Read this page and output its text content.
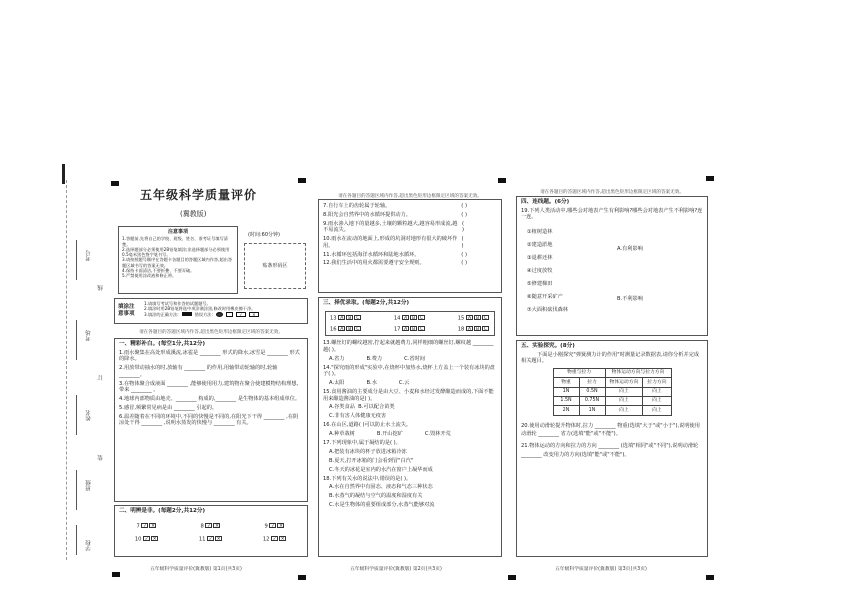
考号
线
考场
订
姓名
装
班级
学校
五年级科学质量评价
(冀教版)
注意事项
1.答题前,先将自己的学校、班级、姓名、准考证号填写清楚。
2.选择题部分必须使用2B铅笔填涂;非选择题部分必须使用0.5毫米黑色签字笔书写。
3.请按照题号顺序在答题卡各题目的答题区域内作答,超出答题区域书写的答案无效。
4.保持卡面清洁,不要折叠、不要弄破。
5.严禁使用涂改液和修正带。
(时间:60分钟)
贴条形码区
填涂注意事项
1.请填写考试号和作答的试题题号。
2.填涂时用2B铅笔将选中项涂满涂黑,修改时用橡皮擦干净。
3.填涂的正确方法:	错误方法:	✓	✕
请在各题目的答题区域内作答,超出黑色矩形边框限定区域的答案无效。
一、精彩补白。(每空1分,共12分)
1.雨水聚集在高处形成溪流,冰雹是 ________ 形式的降水,冰雪是 ________ 形式的降水。
2.用放带动抽水的时,放轴有 ________ 的作用,用轴带动轮轴的时,轮轴 ________。
3.在物体聚合成液面 ________ ,能够使用用力,建筑物在聚合使建模物结构理想,带来 ________ 。
4.地球内部物质由地壳、________ 构成的,________ 是生物体的基本组成单位。
5.感冒,频繁常见病是由 ________ 引起的。
6.温差随着在不同的环境中,不同的快慢是不同的,在阳光下干得 ________ ,在阴凉处干得 ________ ,说明水蒸发的快慢与 ________ 有关。
二、明辨是非。(每题2分,共12分)
7 ✓ ✕	8 ✓ ✕	9 ✓ ✕
10 ✓ ✕	11 ✓ ✕	12 ✓ ✕
请在各题目的答题区域内作答,超出黑色矩形边框限定区域的答案无效。
7.自行车上的齿轮属于轮轴。	( )
8.阳光会自然界中的水循环提供动力。	( )
9.雨水渗入地下的量越多,土壤的颗粒越大,越容易形成流,越不易流失。
( )
10.雨水在流动的地面上,形成的坑洞对地形有很大的破坏作用。
( )
11.水循环包括海洋水循环和陆地水循环。	( )
12.我们生活中的用火都需要遵守安全规则。	( )
三、择优录取。(每题2分,共12分)
13 A B C	14 A B C	15 A B C
16 A B C	17 A B C	18 A B C
13.螺丝钉的螺纹越密,拧起来就越费力,同样粗细的螺丝钉,螺纹越 ________ 越( )。
A.省力	B.费力	C.省时间
14."探究雨的形成"实验中,在烧杯中加热水,烧杯上方盖上一个装有冰块的盘子( )。
A.太阳	B.水	C.云
15.食用酱油的主要成分是由大豆、小麦和水经过发酵酿造而成的,下面不能用来酿造酱油的是( )。
A.谷类食品 B.可以配合苗类
C.非有害人体健康无疫害
16.在山区,道路( )可以防止水土流失。
A.种草栽树	B.开山挖矿	C.毁林开荒
17.下列现象中,属于凝结的是( )。
A.把装有冰块的杯子放进冰箱冷冻
B.夏天,打开冰箱的门会看到冒"白汽"
C.冬天的冰花是室内的水汽在窗户上凝华而成
18.下列有关水的说法中,错误的是( )。
A.水在自然界中有固态、液态和气态三种状态
B.水蒸气的凝结与空气的温度和湿度有关
C.水是生物体的重要组成部分,水蒸气能够对流
请在各题目的答题区域内作答,超出黑色矩形边框限定区域的答案无效。
四、连线题。(6分)
19.下列人类活动中,哪些会对地表产生有利影响?哪些会对地表产生不利影响?连一连。
①植树造林
②建造淤地
③退耕还林
④过度放牧
⑤修建梯田
⑥随意开采矿产
⑦大面积砍伐森林
A.有利影响
B.不利影响
五、实验探究。(8分)
下面是小刚探究"弹簧测力计的作用"时测量记录数据表,请你分析并完成相关题目。
物重与拉力		物体运动方向与拉力方向	
物重	拉力	物体运动方向	拉力方向
1N	0.5N	向上	向上
1.5N	0.75N	向上	向上
2N	1N	向上	向上
20.使用动滑轮提升物体时,拉力 ________ 物重(选填"大于"或"小于"),说明使用动滑轮 ________ 省力(选填"能"或"不能")。
21.物体运动的方向和拉力的方向 ________ (选填"相同"或"不同"),说明动滑轮 ________ 改变用力的方向(选填"能"或"不能")。
五年级科学质量评价(冀教版) 第1页(共3页)	五年级科学质量评价(冀教版) 第2页(共3页)	五年级科学质量评价(冀教版) 第3页(共3页)
